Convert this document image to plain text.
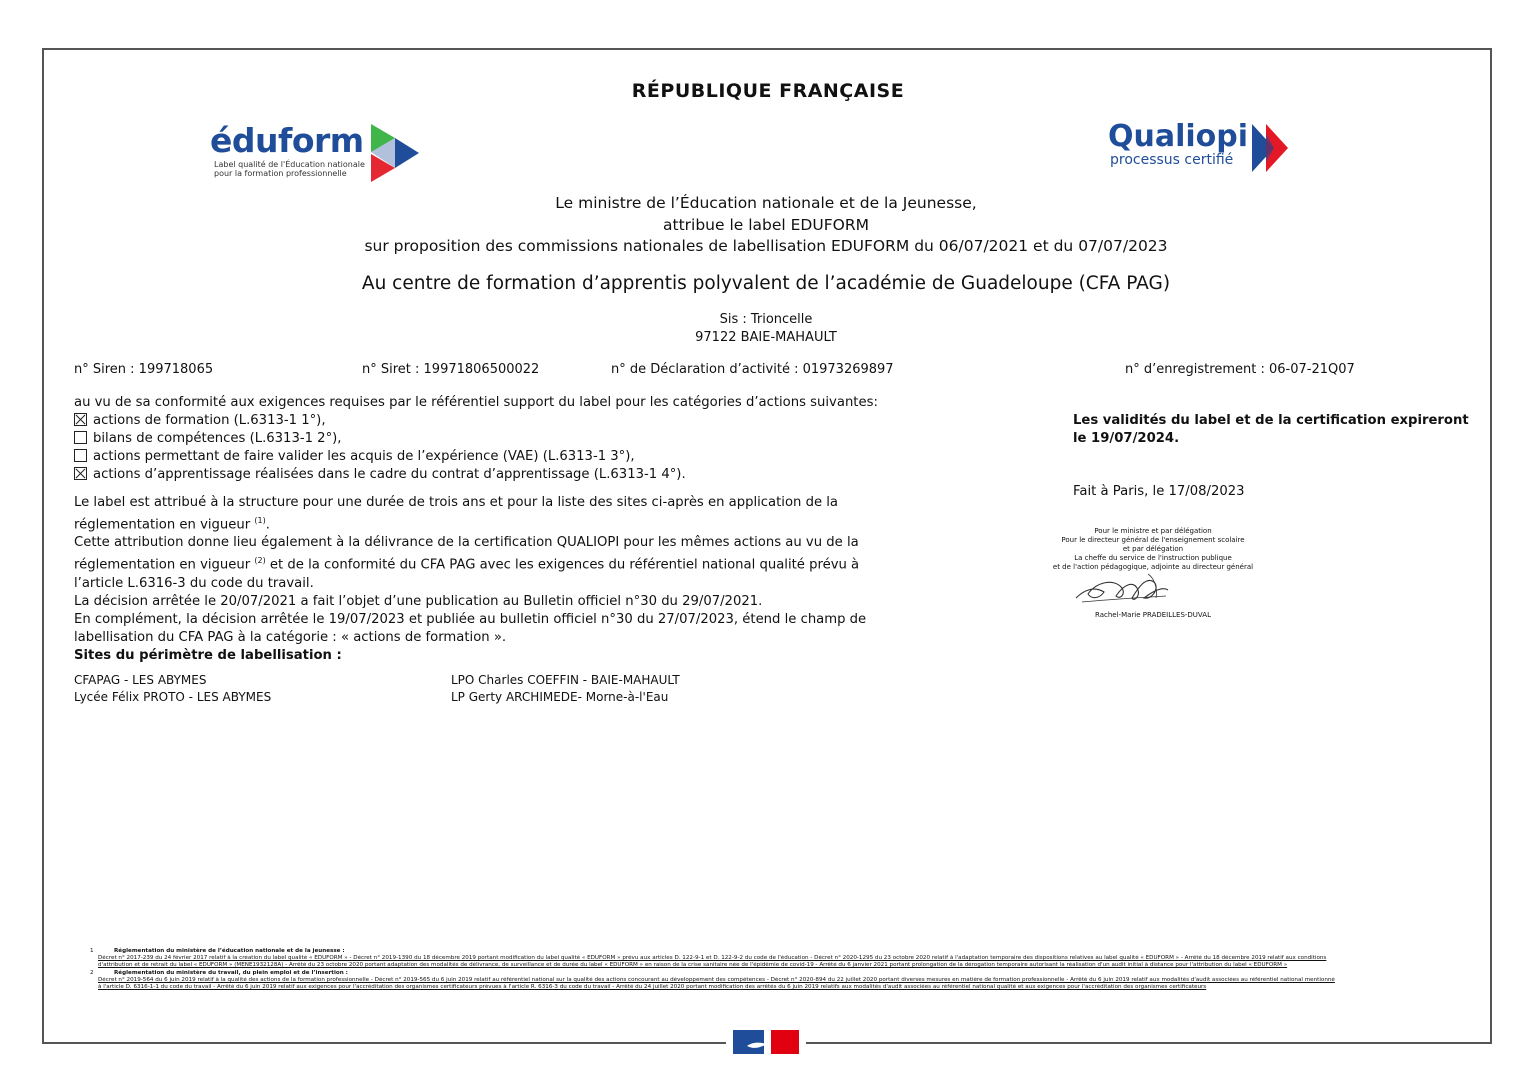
RÉPUBLIQUE FRANÇAISE
éduform
Label qualité de l'Éducation nationale
pour la formation professionnelle
Qualiopi
processus certifié
Le ministre de l’Éducation nationale et de la Jeunesse,
attribue le label EDUFORM
sur proposition des commissions nationales de labellisation EDUFORM du 06/07/2021 et du 07/07/2023
Au centre de formation d’apprentis polyvalent de l’académie de Guadeloupe (CFA PAG)
Sis : Trioncelle
97122 BAIE-MAHAULT
n° Siren : 199718065	n° Siret : 19971806500022	n° de Déclaration d’activité : 01973269897	n° d’enregistrement : 06-07-21Q07
au vu de sa conformité aux exigences requises par le référentiel support du label pour les catégories d’actions suivantes:
actions de formation (L.6313-1 1°),
bilans de compétences (L.6313-1 2°),
actions permettant de faire valider les acquis de l’expérience (VAE) (L.6313-1 3°),
actions d’apprentissage réalisées dans le cadre du contrat d’apprentissage (L.6313-1 4°).
Le label est attribué à la structure pour une durée de trois ans et pour la liste des sites ci-après en application de la
réglementation en vigueur $^{(1)}$.
Cette attribution donne lieu également à la délivrance de la certification QUALIOPI pour les mêmes actions au vu de la
réglementation en vigueur $^{(2)}$ et de la conformité du CFA PAG avec les exigences du référentiel national qualité prévu à
l’article L.6316-3 du code du travail.
La décision arrêtée le 20/07/2021 a fait l’objet d’une publication au Bulletin officiel n°30 du 29/07/2021.
En complément, la décision arrêtée le 19/07/2023 et publiée au bulletin officiel n°30 du 27/07/2023, étend le champ de
labellisation du CFA PAG à la catégorie : « actions de formation ».
Les validités du label et de la certification expireront
le 19/07/2024.
Fait à Paris, le 17/08/2023
Pour le ministre et par délégation
Pour le directeur général de l'enseignement scolaire
et par délégation
La cheffe du service de l'instruction publique
et de l'action pédagogique, adjointe au directeur général
Rachel-Marie PRADEILLES-DUVAL
Sites du périmètre de labellisation :
CFAPAG - LES ABYMES
Lycée Félix PROTO - LES ABYMES
LPO Charles COEFFIN - BAIE-MAHAULT
LP Gerty ARCHIMEDE- Morne-à-l'Eau
1	Réglementation du ministère de l’éducation nationale et de la jeunesse :
Décret n° 2017-239 du 24 février 2017 relatif à la création du label qualité « EDUFORM » - Décret n° 2019-1390 du 18 décembre 2019 portant modification du label qualité « EDUFORM » prévu aux articles D. 122-9-1 et D. 122-9-2 du code de l'éducation - Décret n° 2020-1295 du 23 octobre 2020 relatif à l'adaptation temporaire des dispositions relatives au label qualité « EDUFORM » - Arrêté du 18 décembre 2019 relatif aux conditions
d'attribution et de retrait du label « EDUFORM » (MENE1932128A) - Arrêté du 23 octobre 2020 portant adaptation des modalités de délivrance, de surveillance et de durée du label « EDUFORM » en raison de la crise sanitaire née de l'épidémie de covid-19 - Arrêté du 6 janvier 2021 portant prolongation de la dérogation temporaire autorisant la réalisation d'un audit initial à distance pour l'attribution du label « EDUFORM »
2	Réglementation du ministère du travail, du plein emploi et de l’insertion :
Décret n° 2019-564 du 6 juin 2019 relatif à la qualité des actions de la formation professionnelle - Décret n° 2019-565 du 6 juin 2019 relatif au référentiel national sur la qualité des actions concourant au développement des compétences - Décret n° 2020-894 du 22 juillet 2020 portant diverses mesures en matière de formation professionnelle - Arrêté du 6 juin 2019 relatif aux modalités d'audit associées au référentiel national mentionné
à l'article D. 6316-1-1 du code du travail - Arrêté du 6 juin 2019 relatif aux exigences pour l'accréditation des organismes certificateurs prévues à l'article R. 6316-3 du code du travail - Arrêté du 24 juillet 2020 portant modification des arrêtés du 6 juin 2019 relatifs aux modalités d'audit associées au référentiel national qualité et aux exigences pour l'accréditation des organismes certificateurs
